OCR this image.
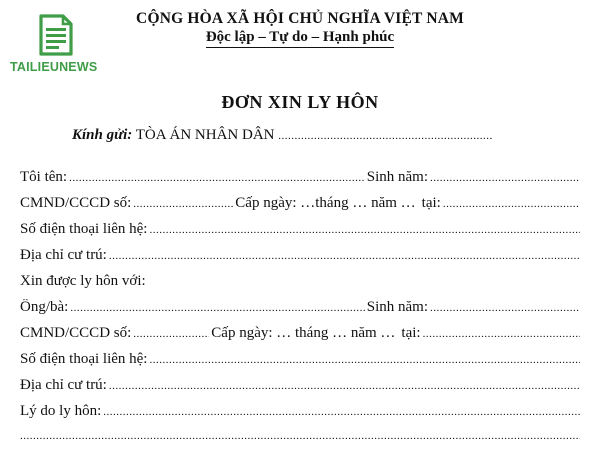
TAILIEUNEWS
CỘNG HÒA XÃ HỘI CHỦ NGHĨA VIỆT NAM
Độc lập – Tự do – Hạnh phúc
ĐƠN XIN LY HÔN
Kính gửi: TÒA ÁN NHÂN DÂN ..................................................................
Tôi tên: .....	Sinh năm:
.....
CMND/CCCD số: .....	Cấp ngày: …tháng … năm … tại:
.....
Số điện thoại liên hệ:
.....
Địa chỉ cư trú:
.....
Xin được ly hôn với:
Ông/bà: .....	Sinh năm:
.....
CMND/CCCD số: .....	Cấp ngày: … tháng … năm … tại:
.....
Số điện thoại liên hệ:
.....
Địa chỉ cư trú:
.....
Lý do ly hôn:
.....
.....
